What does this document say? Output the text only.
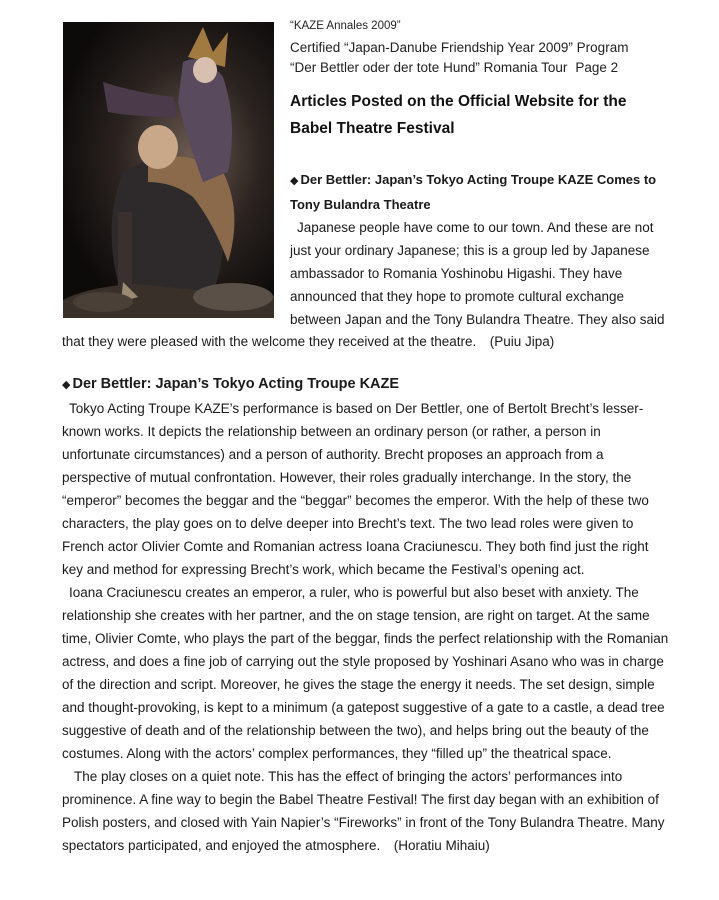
“KAZE Annales 2009”
Certified “Japan-Danube Friendship Year 2009” Program
“Der Bettler oder der tote Hund” Romania Tour Page 2
Articles Posted on the Official Website for the
Babel Theatre Festival
◆ Der Bettler: Japan’s Tokyo Acting Troupe KAZE Comes to
Tony Bulandra Theatre

Japanese people have come to our town. And these are not just your ordinary Japanese; this is a group led by Japanese ambassador to Romania Yoshinobu Higashi. They have announced that they hope to promote cultural exchange between Japan and the Tony Bulandra Theatre. They also said

that they were pleased with the welcome they received at the theatre.　(Puiu Jipa)
◆ Der Bettler: Japan’s Tokyo Acting Troupe KAZE

Tokyo Acting Troupe KAZE’s performance is based on Der Bettler, one of Bertolt Brecht’s lesser-known works. It depicts the relationship between an ordinary person (or rather, a person in unfortunate circumstances) and a person of authority. Brecht proposes an approach from a perspective of mutual confrontation. However, their roles gradually interchange. In the story, the “emperor” becomes the beggar and the “beggar” becomes the emperor. With the help of these two characters, the play goes on to delve deeper into Brecht’s text. The two lead roles were given to French actor Olivier Comte and Romanian actress Ioana Craciunescu. They both find just the right key and method for expressing Brecht’s work, which became the Festival’s opening act.

Ioana Craciunescu creates an emperor, a ruler, who is powerful but also beset with anxiety. The relationship she creates with her partner, and the on stage tension, are right on target. At the same time, Olivier Comte, who plays the part of the beggar, finds the perfect relationship with the Romanian actress, and does a fine job of carrying out the style proposed by Yoshinari Asano who was in charge of the direction and script. Moreover, he gives the stage the energy it needs. The set design, simple and thought-provoking, is kept to a minimum (a gatepost suggestive of a gate to a castle, a dead tree suggestive of death and of the relationship between the two), and helps bring out the beauty of the costumes. Along with the actors’ complex performances, they “filled up” the theatrical space.

The play closes on a quiet note. This has the effect of bringing the actors’ performances into prominence. A fine way to begin the Babel Theatre Festival! The first day began with an exhibition of Polish posters, and closed with Yain Napier’s “Fireworks” in front of the Tony Bulandra Theatre. Many spectators participated, and enjoyed the atmosphere.　(Horatiu Mihaiu)
